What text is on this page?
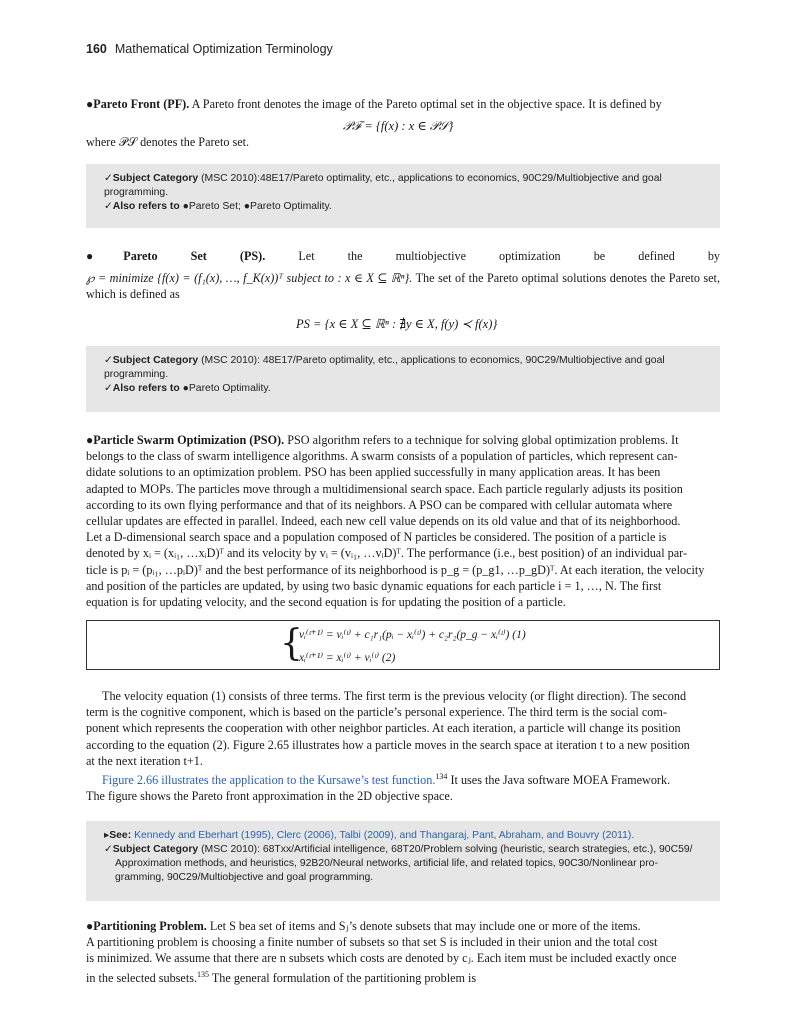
160 Mathematical Optimization Terminology
●Pareto Front (PF). A Pareto front denotes the image of the Pareto optimal set in the objective space. It is defined by
𝒫ℱ = {f(x) : x ∈ 𝒫𝒮}
where 𝒫𝒮 denotes the Pareto set.
✓Subject Category (MSC 2010):48E17/Pareto optimality, etc., applications to economics, 90C29/Multiobjective and goal programming.
✓Also refers to ●Pareto Set; ●Pareto Optimality.
●Pareto Set (PS).	Let the multiobjective optimization be defined by
℘ = minimize {f(x) = (f₁(x), …, f_K(x))ᵀ subject to : x ∈ X ⊆ ℝⁿ}. The set of the Pareto optimal solutions denotes the Pareto set, which is defined as
PS = {x ∈ X ⊆ ℝⁿ : ∄y ∈ X, f(y) ≺ f(x)}
✓Subject Category (MSC 2010): 48E17/Pareto optimality, etc., applications to economics, 90C29/Multiobjective and goal programming.
✓Also refers to ●Pareto Optimality.
●Particle Swarm Optimization (PSO). PSO algorithm refers to a technique for solving global optimization problems. It
belongs to the class of swarm intelligence algorithms. A swarm consists of a population of particles, which represent can-
didate solutions to an optimization problem. PSO has been applied successfully in many application areas. It has been
adapted to MOPs. The particles move through a multidimensional search space. Each particle regularly adjusts its position
according to its own flying performance and that of its neighbors. A PSO can be compared with cellular automata where
cellular updates are effected in parallel. Indeed, each new cell value depends on its old value and that of its neighborhood.
Let a D-dimensional search space and a population composed of N particles be considered. The position of a particle is
denoted by xᵢ = (xᵢ₁, …xᵢD)ᵀ and its velocity by vᵢ = (vᵢ₁, …vᵢD)ᵀ. The performance (i.e., best position) of an individual par-
ticle is pᵢ = (pᵢ₁, …pᵢD)ᵀ and the best performance of its neighborhood is p_g = (p_g1, …p_gD)ᵀ. At each iteration, the velocity
and position of the particles are updated, by using two basic dynamic equations for each particle i = 1, …, N. The first
equation is for updating velocity, and the second equation is for updating the position of a particle.
{
vᵢ⁽ᵗ⁺¹⁾ = vᵢ⁽ᵗ⁾ + c₁r₁(pᵢ − xᵢ⁽ᵗ⁾) + c₂r₂(p_g − xᵢ⁽ᵗ⁾) (1)
xᵢ⁽ᵗ⁺¹⁾ = xᵢ⁽ᵗ⁾ + vᵢ⁽ᵗ⁾ (2)
The velocity equation (1) consists of three terms. The first term is the previous velocity (or flight direction). The second
term is the cognitive component, which is based on the particle’s personal experience. The third term is the social com-
ponent which represents the cooperation with other neighbor particles. At each iteration, a particle will change its position
according to the equation (2). Figure 2.65 illustrates how a particle moves in the search space at iteration t to a new position
at the next iteration t+1.
Figure 2.66 illustrates the application to the Kursawe’s test function.$^{134}$ It uses the Java software MOEA Framework.
The figure shows the Pareto front approximation in the 2D objective space.
▸See: Kennedy and Eberhart (1995), Clerc (2006), Talbi (2009), and Thangaraj, Pant, Abraham, and Bouvry (2011).
✓Subject Category (MSC 2010): 68Txx/Artificial intelligence, 68T20/Problem solving (heuristic, search strategies, etc.), 90C59/
Approximation methods, and heuristics, 92B20/Neural networks, artificial life, and related topics, 90C30/Nonlinear pro-
gramming, 90C29/Multiobjective and goal programming.
●Partitioning Problem. Let S bea set of items and Sⱼ’s denote subsets that may include one or more of the items.
A partitioning problem is choosing a finite number of subsets so that set S is included in their union and the total cost
is minimized. We assume that there are n subsets which costs are denoted by cⱼ. Each item must be included exactly once
in the selected subsets.$^{135}$ The general formulation of the partitioning problem is
